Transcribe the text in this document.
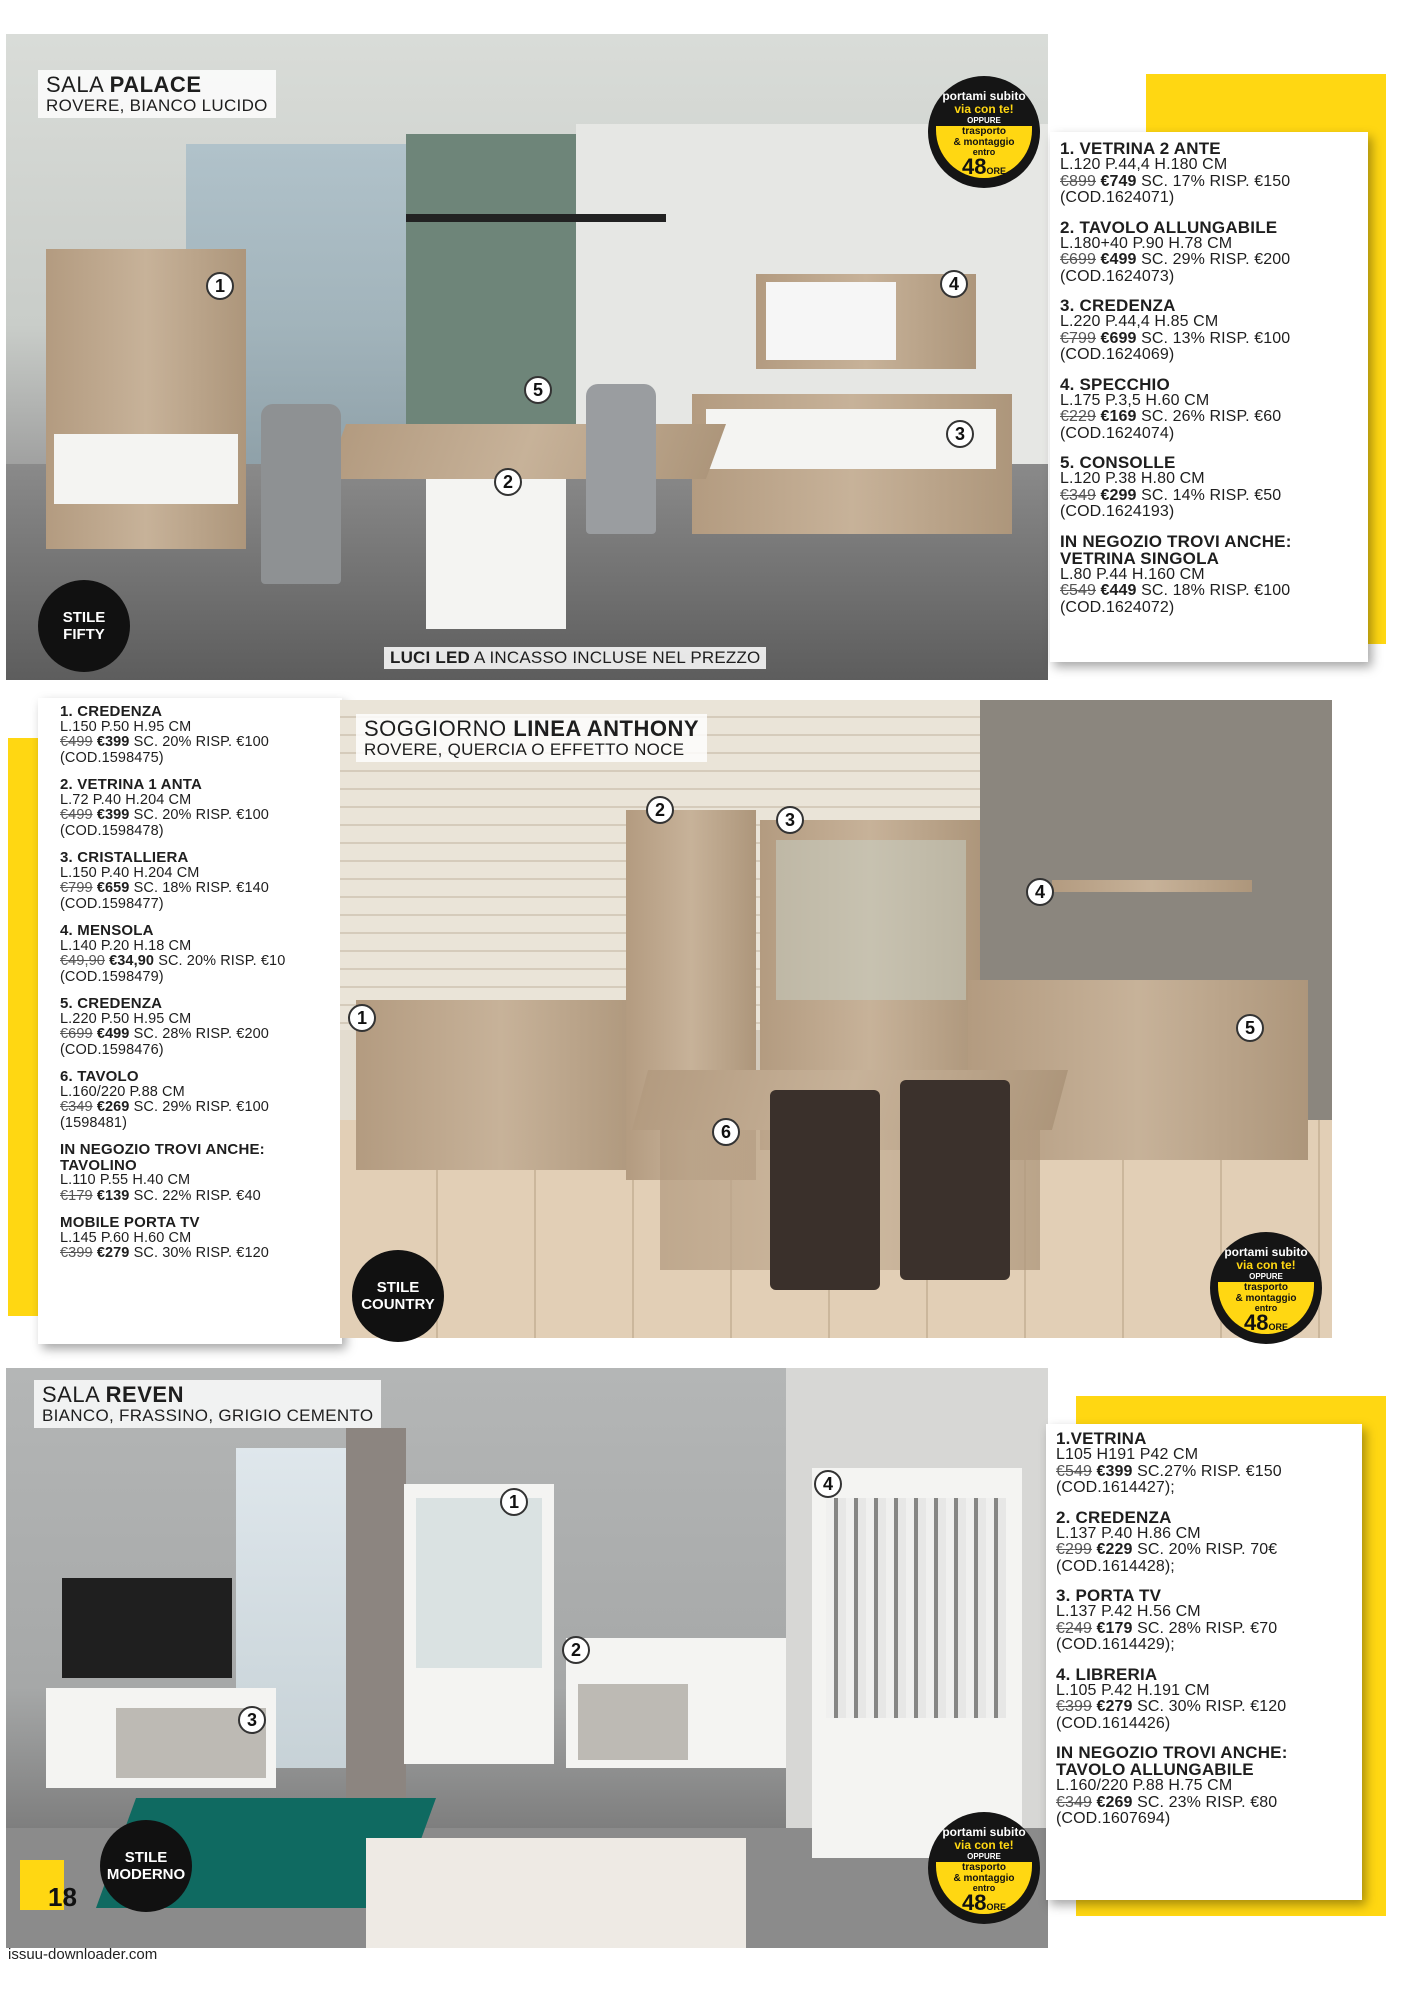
1
2
3
4
5
SALA PALACE
ROVERE, BIANCO LUCIDO
STILE
FIFTY
LUCI LED A INCASSO INCLUSE NEL PREZZO
portami subito
via con te!
OPPURE
trasporto
& montaggio
entro
48ORE
1. VETRINA 2 ANTE
L.120 P.44,4 H.180 CM
€899 €749 SC. 17% RISP. €150
(COD.1624071)
2. TAVOLO ALLUNGABILE
L.180+40 P.90 H.78 CM
€699 €499 SC. 29% RISP. €200
(COD.1624073)
3. CREDENZA
L.220 P.44,4 H.85 CM
€799 €699 SC. 13% RISP. €100
(COD.1624069)
4. SPECCHIO
L.175 P.3,5 H.60 CM
€229 €169 SC. 26% RISP. €60
(COD.1624074)
5. CONSOLLE
L.120 P.38 H.80 CM
€349 €299 SC. 14% RISP. €50
(COD.1624193)
IN NEGOZIO TROVI ANCHE: VETRINA SINGOLA
L.80 P.44 H.160 CM
€549 €449 SC. 18% RISP. €100
(COD.1624072)
1. CREDENZA
L.150 P.50 H.95 CM
€499 €399 SC. 20% RISP. €100
(COD.1598475)
2. VETRINA 1 ANTA
L.72 P.40 H.204 CM
€499 €399 SC. 20% RISP. €100
(COD.1598478)
3. CRISTALLIERA
L.150 P.40 H.204 CM
€799 €659 SC. 18% RISP. €140
(COD.1598477)
4. MENSOLA
L.140 P.20 H.18 CM
€49,90 €34,90 SC. 20% RISP. €10
(COD.1598479)
5. CREDENZA
L.220 P.50 H.95 CM
€699 €499 SC. 28% RISP. €200
(COD.1598476)
6. TAVOLO
L.160/220 P.88 CM
€349 €269 SC. 29% RISP. €100
(1598481)
IN NEGOZIO TROVI ANCHE: TAVOLINO
L.110 P.55 H.40 CM
€179 €139 SC. 22% RISP. €40
MOBILE PORTA TV
L.145 P.60 H.60 CM
€399 €279 SC. 30% RISP. €120
1
2	3
4
5
6
SOGGIORNO LINEA ANTHONY
ROVERE, QUERCIA O EFFETTO NOCE
STILE
COUNTRY
portami subito
via con te!
OPPURE
trasporto
& montaggio
entro
48ORE
1
2
3
4
SALA REVEN
BIANCO, FRASSINO, GRIGIO CEMENTO
STILE
MODERNO
portami subito
via con te!
OPPURE
trasporto
& montaggio
entro
48ORE
1.VETRINA
L105 H191 P42 CM
€549 €399 SC.27% RISP. €150
(COD.1614427);
2. CREDENZA
L.137 P.40 H.86 CM
€299 €229 SC. 20% RISP. 70€
(COD.1614428);
3. PORTA TV
L.137 P.42 H.56 CM
€249 €179 SC. 28% RISP. €70
(COD.1614429);
4. LIBRERIA
L.105 P.42 H.191 CM
€399 €279 SC. 30% RISP. €120
(COD.1614426)
IN NEGOZIO TROVI ANCHE: TAVOLO ALLUNGABILE
L.160/220 P.88 H.75 CM
€349 €269 SC. 23% RISP. €80
(COD.1607694)
18
issuu-downloader.com
